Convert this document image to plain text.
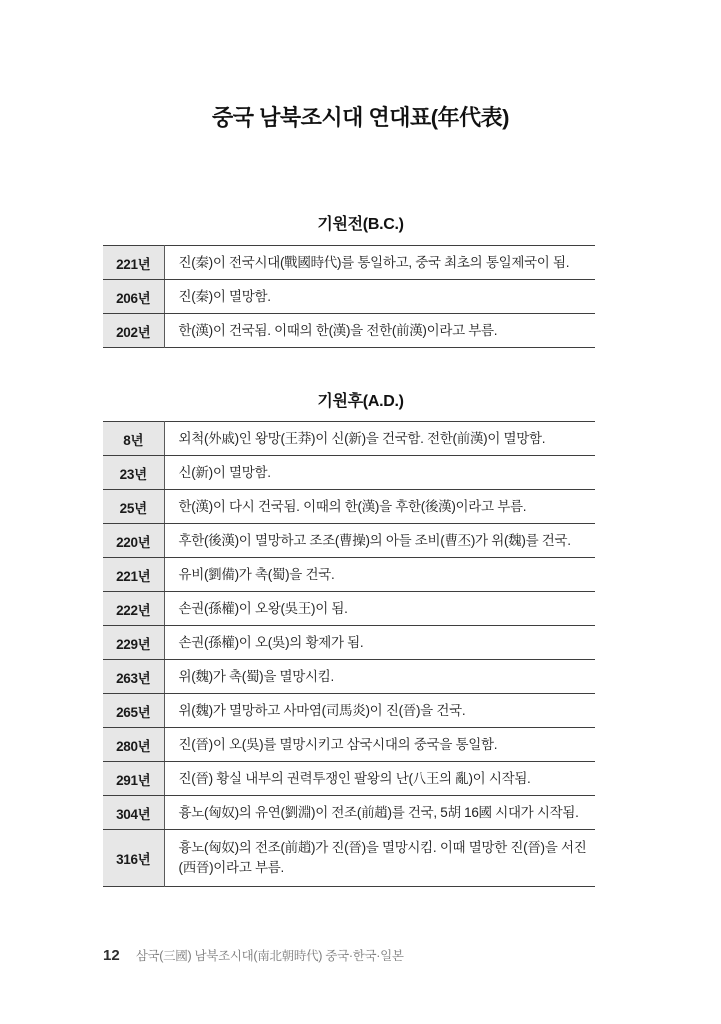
중국 남북조시대 연대표(年代表)
기원전(B.C.)
221년	진(秦)이 전국시대(戰國時代)를 통일하고, 중국 최초의 통일제국이 됨.
206년	진(秦)이 멸망함.
202년	한(漢)이 건국됨. 이때의 한(漢)을 전한(前漢)이라고 부름.
기원후(A.D.)
8년	외척(外戚)인 왕망(王莽)이 신(新)을 건국함. 전한(前漢)이 멸망함.
23년	신(新)이 멸망함.
25년	한(漢)이 다시 건국됨. 이때의 한(漢)을 후한(後漢)이라고 부름.
220년	후한(後漢)이 멸망하고 조조(曹操)의 아들 조비(曹丕)가 위(魏)를 건국.
221년	유비(劉備)가 촉(蜀)을 건국.
222년	손권(孫權)이 오왕(吳王)이 됨.
229년	손권(孫權)이 오(吳)의 황제가 됨.
263년	위(魏)가 촉(蜀)을 멸망시킴.
265년	위(魏)가 멸망하고 사마염(司馬炎)이 진(晉)을 건국.
280년	진(晉)이 오(吳)를 멸망시키고 삼국시대의 중국을 통일함.
291년	진(晉) 황실 내부의 권력투쟁인 팔왕의 난(八王의 亂)이 시작됨.
304년	흉노(匈奴)의 유연(劉淵)이 전조(前趙)를 건국, 5胡 16國 시대가 시작됨.
316년	흉노(匈奴)의 전조(前趙)가 진(晉)을 멸망시킴. 이때 멸망한 진(晉)을 서진(西晉)이라고 부름.
12 삼국(三國) 남북조시대(南北朝時代) 중국·한국·일본
